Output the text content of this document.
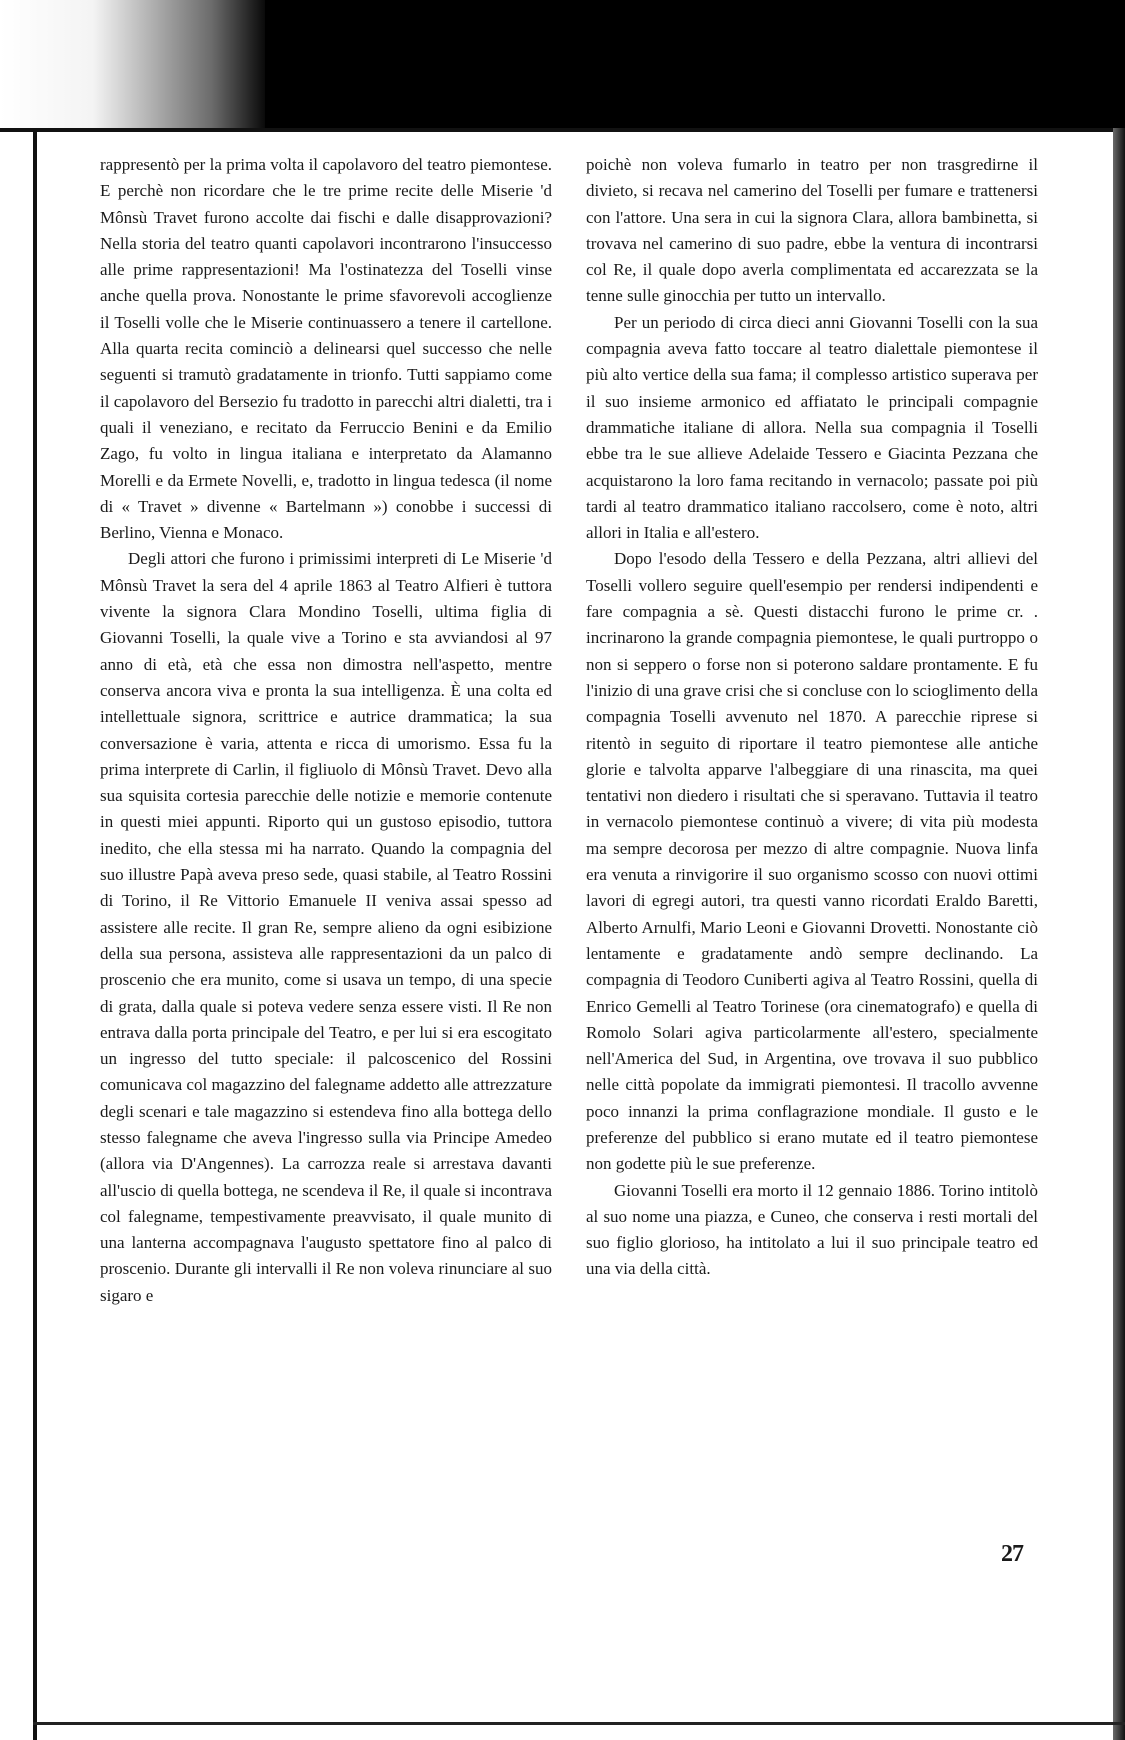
rappresentò per la prima volta il capolavoro del teatro piemontese. E perchè non ricordare che le tre prime recite delle Miserie 'd Mônsù Travet furono accolte dai fischi e dalle disapprovazioni? Nella storia del teatro quanti capolavori incontrarono l'insuccesso alle prime rappresentazioni! Ma l'ostinatezza del Toselli vinse anche quella prova. Nonostante le prime sfavorevoli accoglienze il Toselli volle che le Miserie continuassero a tenere il cartellone. Alla quarta recita cominciò a delinearsi quel successo che nelle seguenti si tramutò gradatamente in trionfo. Tutti sappiamo come il capolavoro del Bersezio fu tradotto in parecchi altri dialetti, tra i quali il veneziano, e recitato da Ferruccio Benini e da Emilio Zago, fu volto in lingua italiana e interpretato da Alamanno Morelli e da Ermete Novelli, e, tradotto in lingua tedesca (il nome di « Travet » divenne « Bartelmann ») conobbe i successi di Berlino, Vienna e Monaco.

Degli attori che furono i primissimi interpreti di Le Miserie 'd Mônsù Travet la sera del 4 aprile 1863 al Teatro Alfieri è tuttora vivente la signora Clara Mondino Toselli, ultima figlia di Giovanni Toselli, la quale vive a Torino e sta avviandosi al 97 anno di età, età che essa non dimostra nell'aspetto, mentre conserva ancora viva e pronta la sua intelligenza. È una colta ed intellettuale signora, scrittrice e autrice drammatica; la sua conversazione è varia, attenta e ricca di umorismo. Essa fu la prima interprete di Carlin, il figliuolo di Mônsù Travet. Devo alla sua squisita cortesia parecchie delle notizie e memorie contenute in questi miei appunti. Riporto qui un gustoso episodio, tuttora inedito, che ella stessa mi ha narrato. Quando la compagnia del suo illustre Papà aveva preso sede, quasi stabile, al Teatro Rossini di Torino, il Re Vittorio Emanuele II veniva assai spesso ad assistere alle recite. Il gran Re, sempre alieno da ogni esibizione della sua persona, assisteva alle rappresentazioni da un palco di proscenio che era munito, come si usava un tempo, di una specie di grata, dalla quale si poteva vedere senza essere visti. Il Re non entrava dalla porta principale del Teatro, e per lui si era escogitato un ingresso del tutto speciale: il palcoscenico del Rossini comunicava col magazzino del falegname addetto alle attrezzature degli scenari e tale magazzino si estendeva fino alla bottega dello stesso falegname che aveva l'ingresso sulla via Principe Amedeo (allora via D'Angennes). La carrozza reale si arrestava davanti all'uscio di quella bottega, ne scendeva il Re, il quale si incontrava col falegname, tempestivamente preavvisato, il quale munito di una lanterna accompagnava l'augusto spettatore fino al palco di proscenio. Durante gli intervalli il Re non voleva rinunciare al suo sigaro e

poichè non voleva fumarlo in teatro per non trasgredirne il divieto, si recava nel camerino del Toselli per fumare e trattenersi con l'attore. Una sera in cui la signora Clara, allora bambinetta, si trovava nel camerino di suo padre, ebbe la ventura di incontrarsi col Re, il quale dopo averla complimentata ed accarezzata se la tenne sulle ginocchia per tutto un intervallo.

Per un periodo di circa dieci anni Giovanni Toselli con la sua compagnia aveva fatto toccare al teatro dialettale piemontese il più alto vertice della sua fama; il complesso artistico superava per il suo insieme armonico ed affiatato le principali compagnie drammatiche italiane di allora. Nella sua compagnia il Toselli ebbe tra le sue allieve Adelaide Tessero e Giacinta Pezzana che acquistarono la loro fama recitando in vernacolo; passate poi più tardi al teatro drammatico italiano raccolsero, come è noto, altri allori in Italia e all'estero.

Dopo l'esodo della Tessero e della Pezzana, altri allievi del Toselli vollero seguire quell'esempio per rendersi indipendenti e fare compagnia a sè. Questi distacchi furono le prime cr. . incrinarono la grande compagnia piemontese, le quali purtroppo o non si seppero o forse non si poterono saldare prontamente. E fu l'inizio di una grave crisi che si concluse con lo scioglimento della compagnia Toselli avvenuto nel 1870. A parecchie riprese si ritentò in seguito di riportare il teatro piemontese alle antiche glorie e talvolta apparve l'albeggiare di una rinascita, ma quei tentativi non diedero i risultati che si speravano. Tuttavia il teatro in vernacolo piemontese continuò a vivere; di vita più modesta ma sempre decorosa per mezzo di altre compagnie. Nuova linfa era venuta a rinvigorire il suo organismo scosso con nuovi ottimi lavori di egregi autori, tra questi vanno ricordati Eraldo Baretti, Alberto Arnulfi, Mario Leoni e Giovanni Drovetti. Nonostante ciò lentamente e gradatamente andò sempre declinando. La compagnia di Teodoro Cuniberti agiva al Teatro Rossini, quella di Enrico Gemelli al Teatro Torinese (ora cinematografo) e quella di Romolo Solari agiva particolarmente all'estero, specialmente nell'America del Sud, in Argentina, ove trovava il suo pubblico nelle città popolate da immigrati piemontesi. Il tracollo avvenne poco innanzi la prima conflagrazione mondiale. Il gusto e le preferenze del pubblico si erano mutate ed il teatro piemontese non godette più le sue preferenze.

Giovanni Toselli era morto il 12 gennaio 1886. Torino intitolò al suo nome una piazza, e Cuneo, che conserva i resti mortali del suo figlio glorioso, ha intitolato a lui il suo principale teatro ed una via della città.

27
